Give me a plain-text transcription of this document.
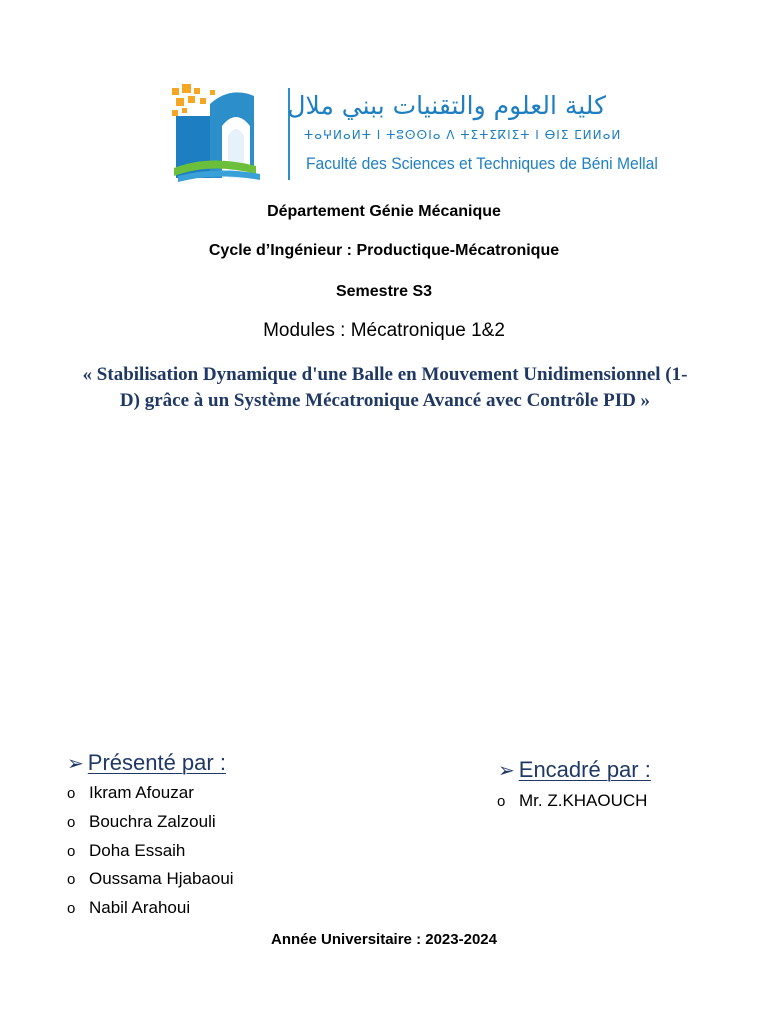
كلية العلوم والتقنيات ببني ملال
ⵜⴰⵖⵍⴰⵍⵜ ⵏ ⵜⵓⵙⵙⵏⴰ ⴷ ⵜⵉⵜⵉⴽⵏⵉⵜ ⵏ ⴱⵏⵉ ⵎⵍⵍⴰⵍ
Faculté des Sciences et Techniques de Béni Mellal
Département Génie Mécanique
Cycle d’Ingénieur : Productique-Mécatronique
Semestre S3
Modules : Mécatronique 1&2
« Stabilisation Dynamique d'une Balle en Mouvement Unidimensionnel (1-D) grâce à un Système Mécatronique Avancé avec Contrôle PID »
➢ Présenté par :
o Ikram Afouzar
o Bouchra Zalzouli
o Doha Essaih
o Oussama Hjabaoui
o Nabil Arahoui
➢ Encadré par :
o Mr. Z.KHAOUCH
Année Universitaire : 2023-2024
